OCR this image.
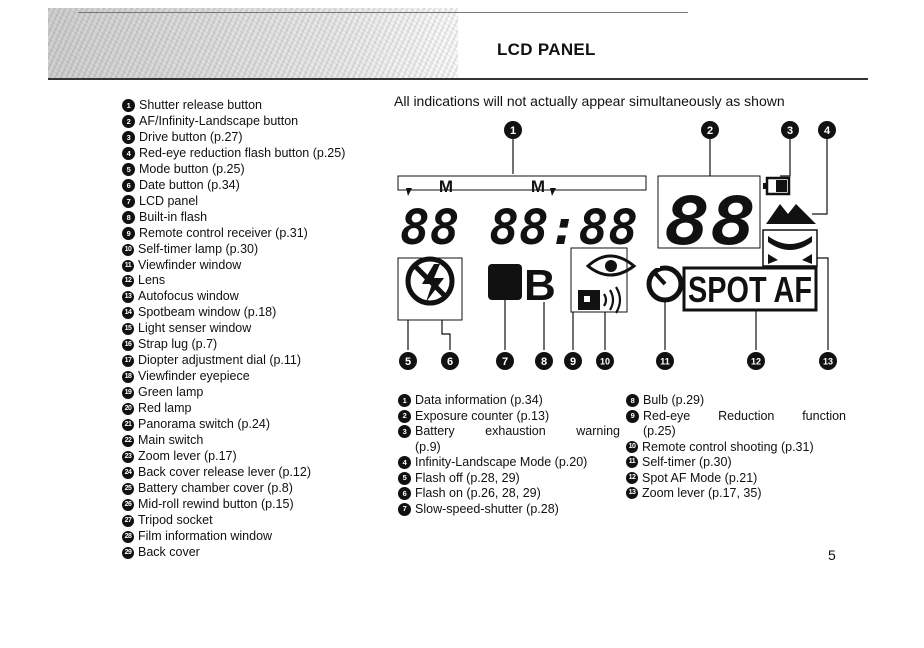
LCD PANEL
1 Shutter release button
2 AF/Infinity-Landscape button
3 Drive button (p.27)
4 Red-eye reduction flash button (p.25)
5 Mode button (p.25)
6 Date button (p.34)
7 LCD panel
8 Built-in flash
9 Remote control receiver (p.31)
10 Self-timer lamp (p.30)
11 Viewfinder window
12 Lens
13 Autofocus window
14 Spotbeam window (p.18)
15 Light senser window
16 Strap lug (p.7)
17 Diopter adjustment dial (p.11)
18 Viewfinder eyepiece
19 Green lamp
20 Red lamp
21 Panorama switch (p.24)
22 Main switch
23 Zoom lever (p.17)
24 Back cover release lever (p.12)
25 Battery chamber cover (p.8)
26 Mid-roll rewind button (p.15)
27 Tripod socket
28 Film information window
29 Back cover
All indications will not actually appear simultaneously as shown
1	2	3	4
M	M
88 88:88 88
B	SPOT AF
5	6	7	8 9	10	11	12	13
1 Data information (p.34)
2 Exposure counter (p.13)
3 Battery exhaustion warning
(p.9)
4 Infinity-Landscape Mode (p.20)
5 Flash off (p.28, 29)
6 Flash on (p.26, 28, 29)
7 Slow-speed-shutter (p.28)
8 Bulb (p.29)
9 Red-eye Reduction function
(p.25)
10 Remote control shooting (p.31)
11 Self-timer (p.30)
12 Spot AF Mode (p.21)
13 Zoom lever (p.17, 35)
5
